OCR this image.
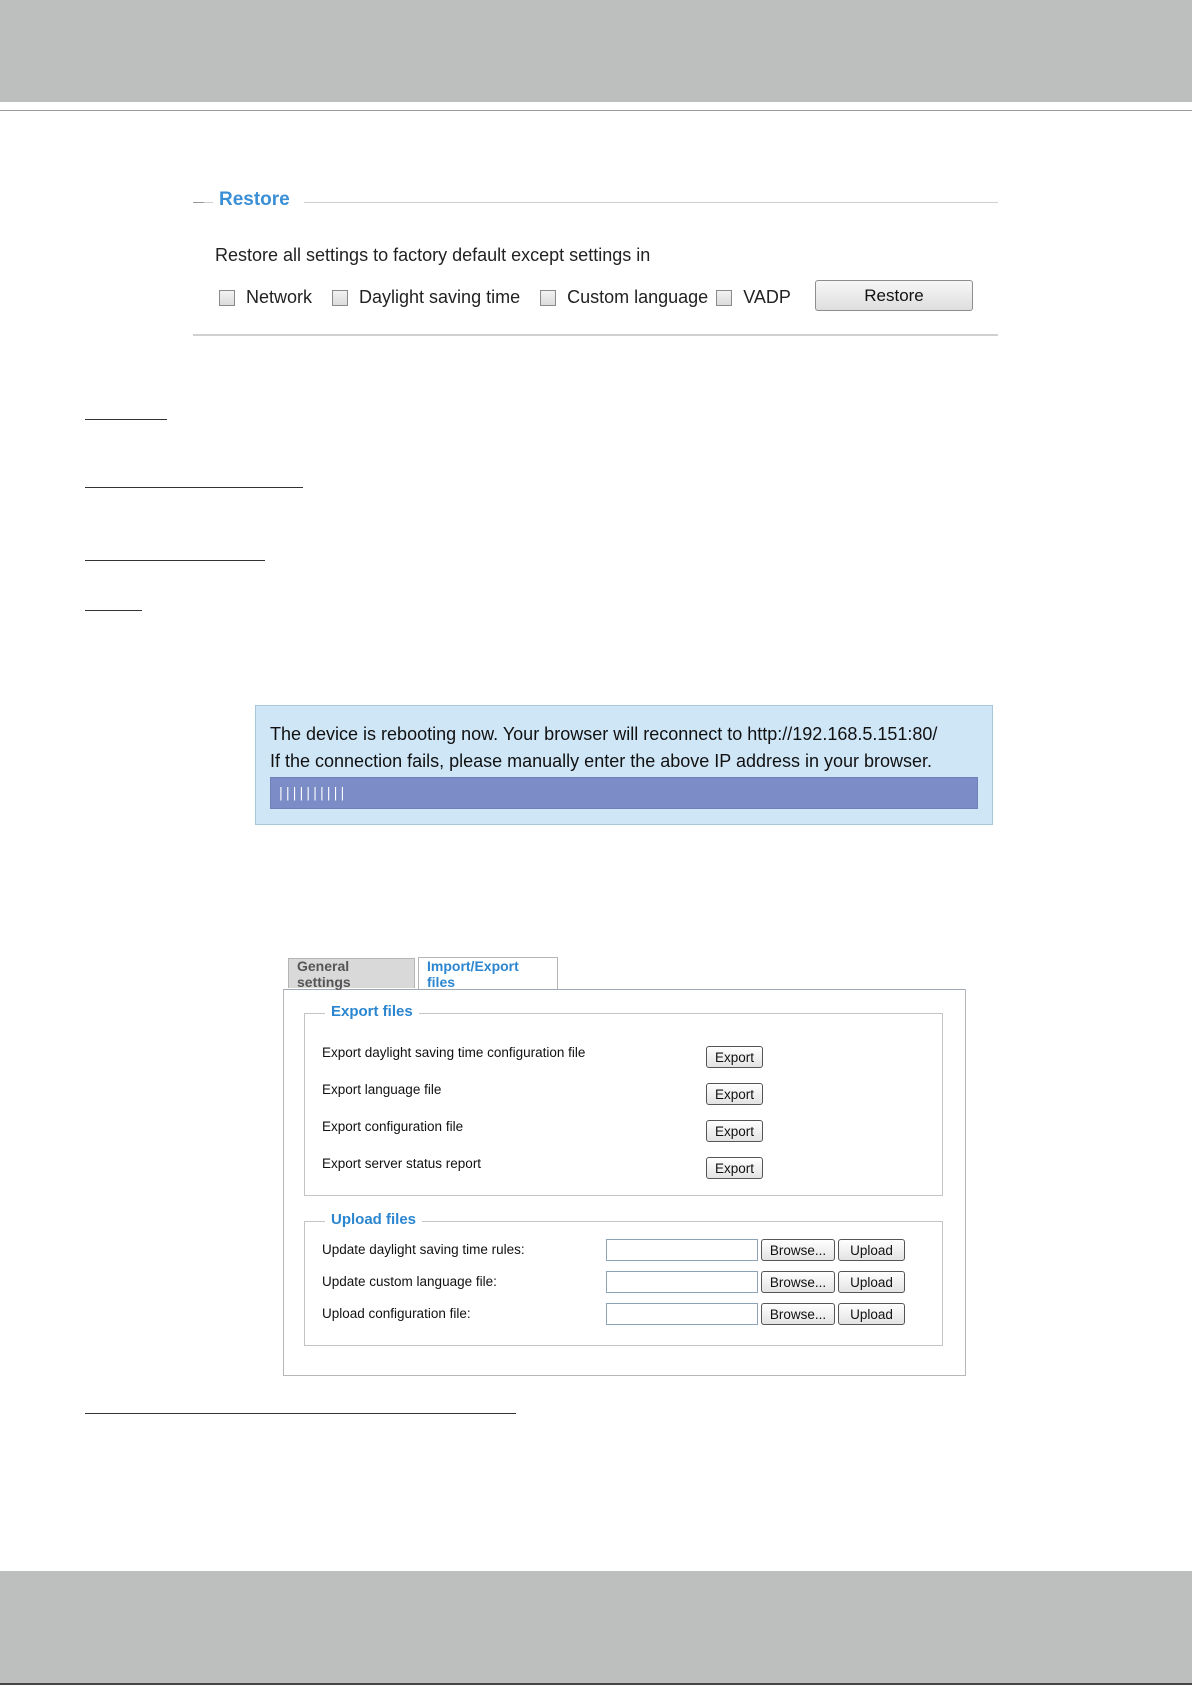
Restore
Restore all settings to factory default except settings in
Network	Daylight saving time	Custom language VADP	Restore
The device is rebooting now. Your browser will reconnect to http://192.168.5.151:80/
If the connection fails, please manually enter the above IP address in your browser.
||||||||||
General settings
Import/Export files
Export files
Export daylight saving time configuration file	Export
Export language file	Export
Export configuration file	Export
Export server status report	Export
Upload files
Update daylight saving time rules:	Browse...	Upload
Update custom language file:	Browse...	Upload
Upload configuration file:	Browse...	Upload
